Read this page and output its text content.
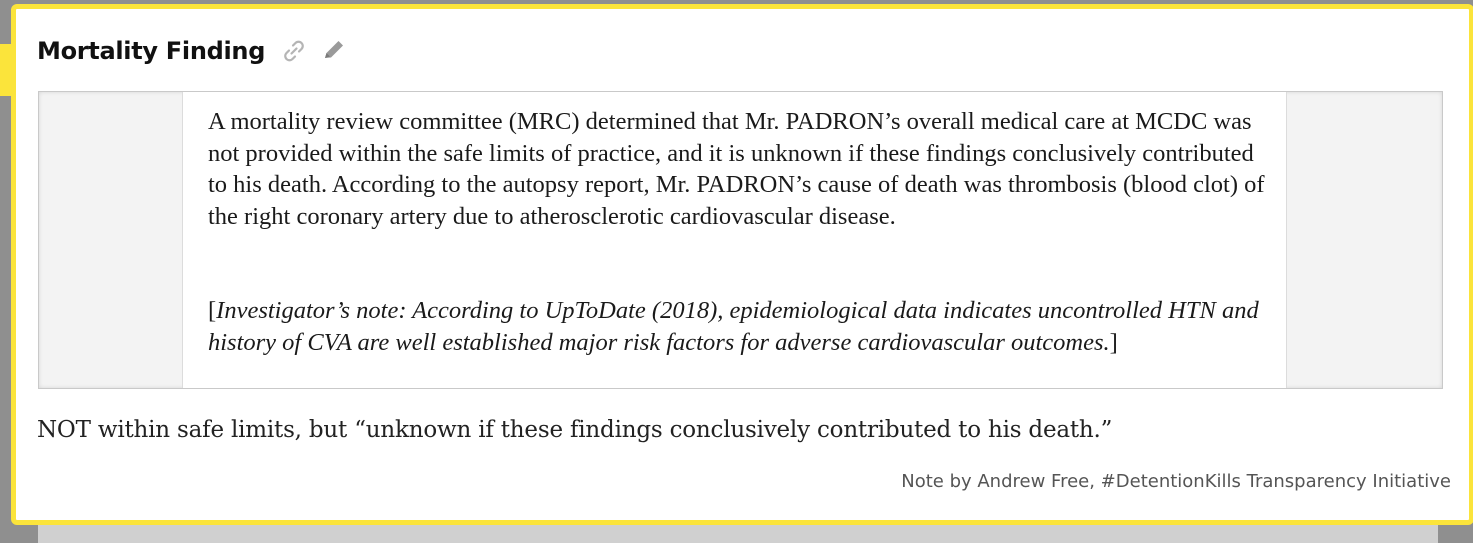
Mortality Finding

A mortality review committee (MRC) determined that Mr. PADRON’s overall medical care at MCDC was not provided within the safe limits of practice, and it is unknown if these findings conclusively contributed to his death. According to the autopsy report, Mr. PADRON’s cause of death was thrombosis (blood clot) of the right coronary artery due to atherosclerotic cardiovascular disease.

[Investigator’s note: According to UpToDate (2018), epidemiological data indicates uncontrolled HTN and history of CVA are well established major risk factors for adverse cardiovascular outcomes.]

NOT within safe limits, but “unknown if these findings conclusively contributed to his death.”

Note by Andrew Free, #DetentionKills Transparency Initiative
